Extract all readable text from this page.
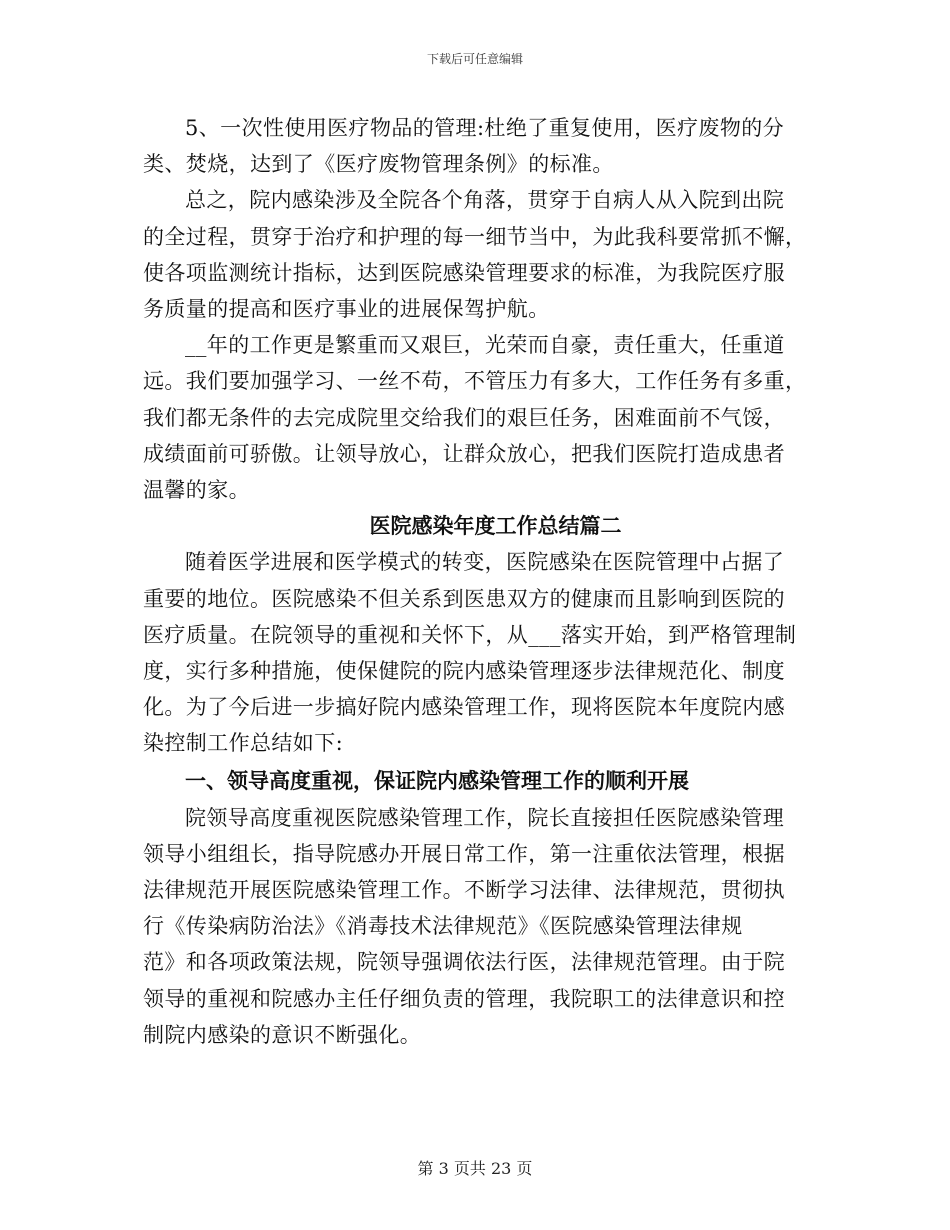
下载后可任意编辑

5、一次性使用医疗物品的管理:杜绝了重复使用，医疗废物的分
类、焚烧，达到了《医疗废物管理条例》的标准。

总之，院内感染涉及全院各个角落，贯穿于自病人从入院到出院
的全过程，贯穿于治疗和护理的每一细节当中，为此我科要常抓不懈，
使各项监测统计指标，达到医院感染管理要求的标准，为我院医疗服
务质量的提高和医疗事业的进展保驾护航。

__年的工作更是繁重而又艰巨，光荣而自豪，责任重大，任重道
远。我们要加强学习、一丝不苟，不管压力有多大，工作任务有多重，
我们都无条件的去完成院里交给我们的艰巨任务，困难面前不气馁，
成绩面前可骄傲。让领导放心，让群众放心，把我们医院打造成患者
温馨的家。

医院感染年度工作总结篇二

随着医学进展和医学模式的转变，医院感染在医院管理中占据了
重要的地位。医院感染不但关系到医患双方的健康而且影响到医院的
医疗质量。在院领导的重视和关怀下，从___落实开始，到严格管理制
度，实行多种措施，使保健院的院内感染管理逐步法律规范化、制度
化。为了今后进一步搞好院内感染管理工作，现将医院本年度院内感
染控制工作总结如下:

一、领导高度重视，保证院内感染管理工作的顺利开展

院领导高度重视医院感染管理工作，院长直接担任医院感染管理
领导小组组长，指导院感办开展日常工作，第一注重依法管理，根据
法律规范开展医院感染管理工作。不断学习法律、法律规范，贯彻执
行《传染病防治法》《消毒技术法律规范》《医院感染管理法律规
范》和各项政策法规，院领导强调依法行医，法律规范管理。由于院
领导的重视和院感办主任仔细负责的管理，我院职工的法律意识和控
制院内感染的意识不断强化。

第 3 页共 23 页
